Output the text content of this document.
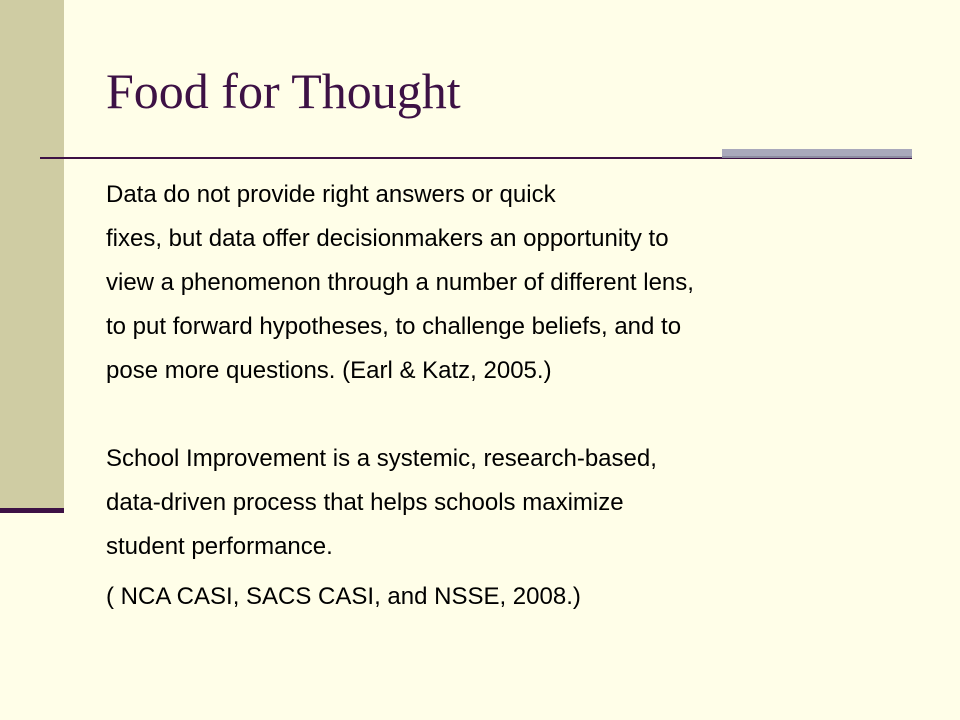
Food for Thought

Data do not provide right answers or quick
fixes, but data offer decisionmakers an opportunity to
view a phenomenon through a number of different lens,
to put forward hypotheses, to challenge beliefs, and to
pose more questions. (Earl & Katz, 2005.)

School Improvement is a systemic, research-based,
data-driven process that helps schools maximize
student performance.

( NCA CASI, SACS CASI, and NSSE, 2008.)
